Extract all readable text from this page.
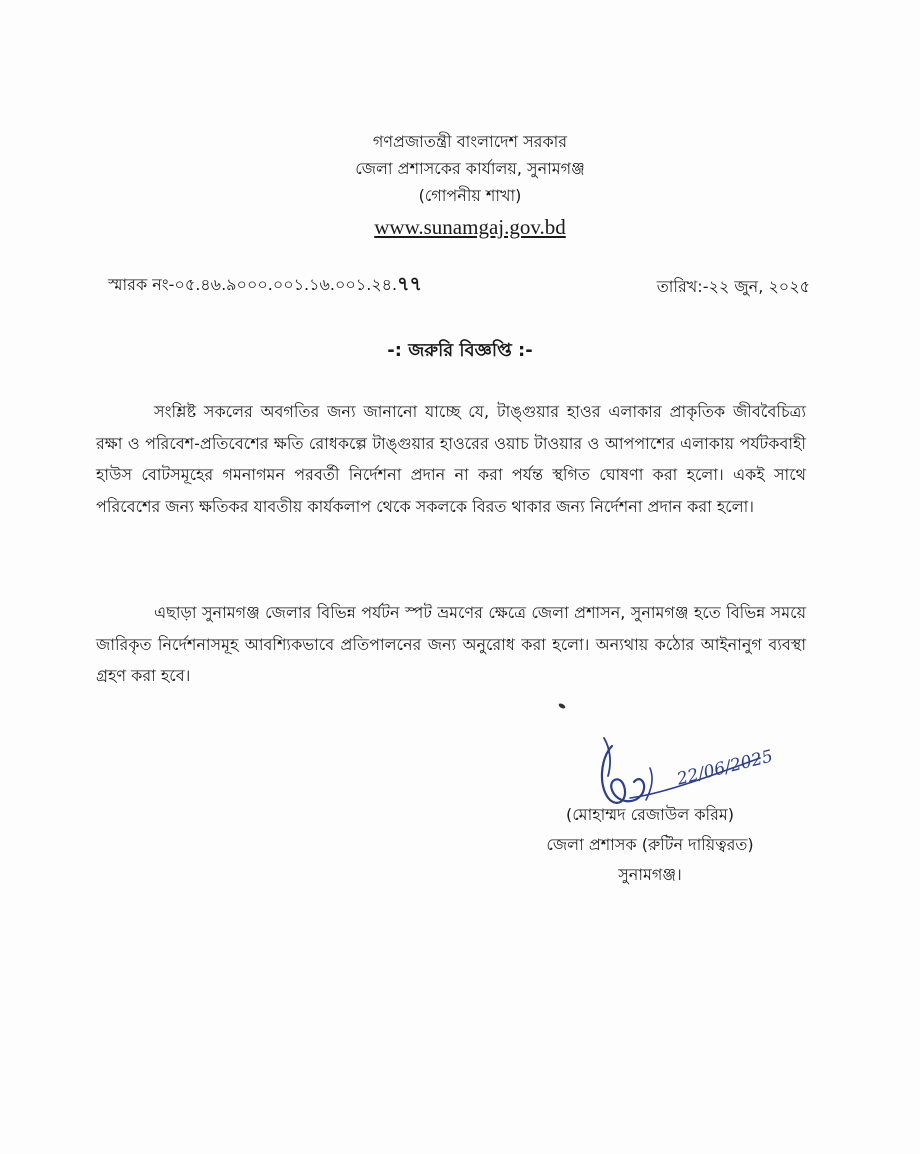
গণপ্রজাতন্ত্রী বাংলাদেশ সরকার
জেলা প্রশাসকের কার্যালয়, সুনামগঞ্জ
(গোপনীয় শাখা)
www.sunamgaj.gov.bd
স্মারক নং-০৫.৪৬.৯০০০.০০১.১৬.০০১.২৪.৭৭	তারিখ:-২২ জুন, ২০২৫
-: জরুরি বিজ্ঞপ্তি :-
সংশ্লিষ্ট সকলের অবগতির জন্য জানানো যাচ্ছে যে, টাঙ্গুয়ার হাওর এলাকার প্রাকৃতিক জীববৈচিত্র্য রক্ষা ও পরিবেশ-প্রতিবেশের ক্ষতি রোধকল্পে টাঙ্গুয়ার হাওরের ওয়াচ টাওয়ার ও আপপাশের এলাকায় পর্যটকবাহী হাউস বোটসমূহের গমনাগমন পরবর্তী নির্দেশনা প্রদান না করা পর্যন্ত স্থগিত ঘোষণা করা হলো। একই সাথে পরিবেশের জন্য ক্ষতিকর যাবতীয় কার্যকলাপ থেকে সকলকে বিরত থাকার জন্য নির্দেশনা প্রদান করা হলো।
এছাড়া সুনামগঞ্জ জেলার বিভিন্ন পর্যটন স্পট ভ্রমণের ক্ষেত্রে জেলা প্রশাসন, সুনামগঞ্জ হতে বিভিন্ন সময়ে জারিকৃত নির্দেশনাসমূহ আবশ্যিকভাবে প্রতিপালনের জন্য অনুরোধ করা হলো। অন্যথায় কঠোর আইনানুগ ব্যবস্থা গ্রহণ করা হবে।
22/06/2025
(মোহাম্মদ রেজাউল করিম)
জেলা প্রশাসক (রুটিন দায়িত্বরত)
সুনামগঞ্জ।
